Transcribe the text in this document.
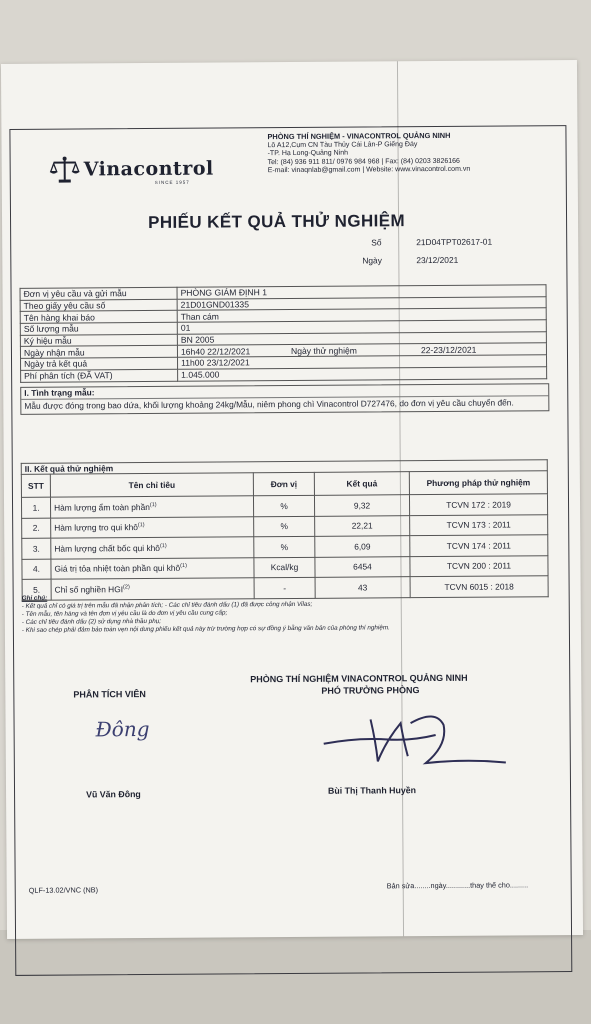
Vinacontrol
SINCE 1957
PHÒNG THÍ NGHIỆM - VINACONTROL QUẢNG NINH
Lô A12,Cụm CN Tàu Thủy Cái Lân-P Giếng Đáy
-TP. Hạ Long-Quảng Ninh
Tel: (84) 936 911 811/ 0976 984 968 | Fax: (84) 0203 3826166
E-mail: vinaqnlab@gmail.com | Website: www.vinacontrol.com.vn
PHIẾU KẾT QUẢ THỬ NGHIỆM
Số	21D04TPT02617-01
Ngày	23/12/2021
Đơn vị yêu cầu và gửi mẫu	PHÒNG GIÁM ĐỊNH 1
Theo giấy yêu cầu số	21D01GND01335
Tên hàng khai báo	Than cám
Số lượng mẫu	01
Ký hiệu mẫu	BN 2005
Ngày nhận mẫu	16h40 22/12/2021 Ngày thử nghiệm 22-23/12/2021
Ngày trả kết quả	11h00 23/12/2021
Phí phân tích (ĐÃ VAT)	1.045.000
I. Tình trạng mẫu:
Mẫu được đóng trong bao dứa, khối lượng khoảng 24kg/Mẫu, niêm phong chì Vinacontrol D727476, do đơn vị yêu cầu chuyển đến.
II. Kết quả thử nghiệm
STT	Tên chỉ tiêu	Đơn vị	Kết quả	Phương pháp thử nghiệm
1.	Hàm lượng ẩm toàn phần$^{(1)}$	%	9,32	TCVN 172 : 2019
2.	Hàm lượng tro qui khô$^{(1)}$	%	22,21	TCVN 173 : 2011
3.	Hàm lượng chất bốc qui khô$^{(1)}$	%	6,09	TCVN 174 : 2011
4.	Giá trị tỏa nhiệt toàn phần qui khô$^{(1)}$	Kcal/kg	6454	TCVN 200 : 2011
5.	Chỉ số nghiền HGI$^{(2)}$	-	43	TCVN 6015 : 2018
Ghi chú:
- Kết quả chỉ có giá trị trên mẫu đã nhận phân tích; - Các chỉ tiêu đánh dấu (1) đã được công nhận Vilas;
- Tên mẫu, tên hàng và tên đơn vị yêu cầu là do đơn vị yêu cầu cung cấp;
- Các chỉ tiêu đánh dấu (2) sử dụng nhà thầu phụ;
- Khi sao chép phải đảm bảo toàn vẹn nội dung phiếu kết quả này trừ trường hợp có sự đồng ý bằng văn bản của phòng thí nghiệm.
PHÂN TÍCH VIÊN
Đông
Vũ Văn Đông
PHÒNG THÍ NGHIỆM VINACONTROL QUẢNG NINH
PHÓ TRƯỞNG PHÒNG
Bùi Thị Thanh Huyền
QLF-13.02/VNC (NB)	Bản sửa........ngày............thay thế cho.........
